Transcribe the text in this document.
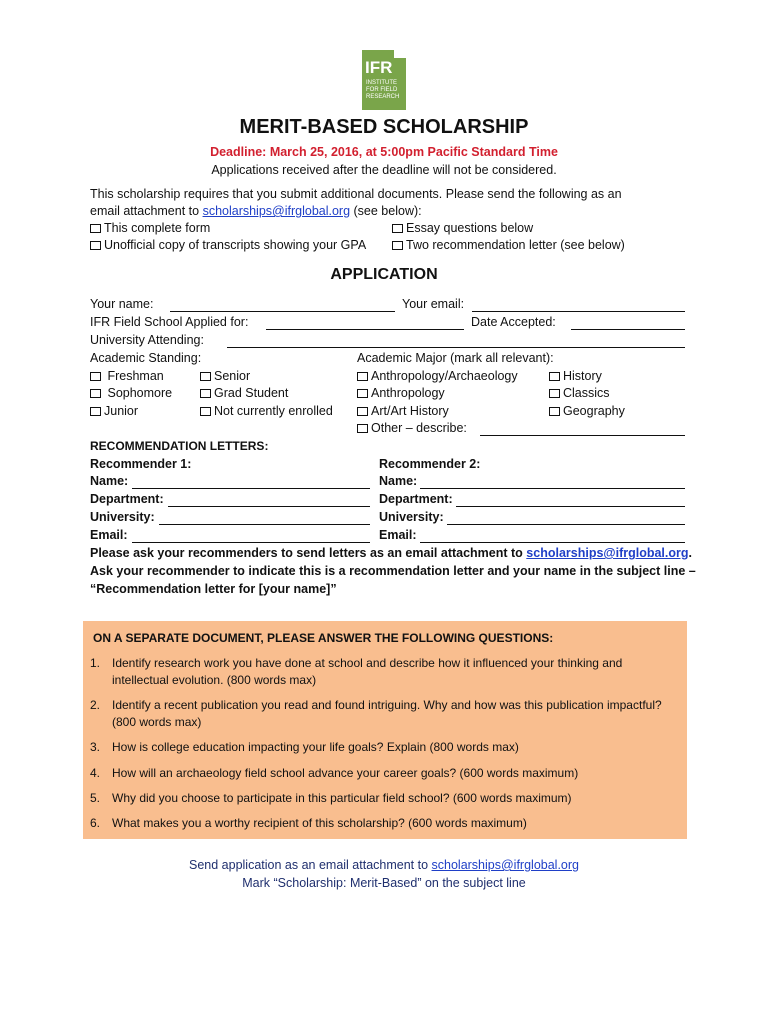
IFR
INSTITUTE FOR FIELD RESEARCH
MERIT-BASED SCHOLARSHIP
Deadline: March 25, 2016, at 5:00pm Pacific Standard Time
Applications received after the deadline will not be considered.
This scholarship requires that you submit additional documents. Please send the following as an
email attachment to scholarships@ifrglobal.org (see below):
This complete form	Essay questions below
Unofficial copy of transcripts showing your GPA	Two recommendation letter (see below)
APPLICATION
Your name:	Your email:
IFR Field School Applied for:	Date Accepted:
University Attending:
Academic Standing:	Academic Major (mark all relevant):
Freshman	Senior
Sophomore	Grad Student
Junior	Not currently enrolled
Anthropology/Archaeology	History
Anthropology	Classics
Art/Art History	Geography
Other – describe:
RECOMMENDATION LETTERS:
Recommender 1:	Recommender 2:
Name:	Name:
Department:	Department:
University:	University:
Email:	Email:
Please ask your recommenders to send letters as an email attachment to scholarships@ifrglobal.org.
Ask your recommender to indicate this is a recommendation letter and your name in the subject line –
“Recommendation letter for [your name]”
ON A SEPARATE DOCUMENT, PLEASE ANSWER THE FOLLOWING QUESTIONS:
1. Identify research work you have done at school and describe how it influenced your thinking and intellectual evolution. (800 words max)
2. Identify a recent publication you read and found intriguing. Why and how was this publication impactful? (800 words max)
3. How is college education impacting your life goals? Explain (800 words max)
4. How will an archaeology field school advance your career goals? (600 words maximum)
5. Why did you choose to participate in this particular field school? (600 words maximum)
6. What makes you a worthy recipient of this scholarship? (600 words maximum)
Send application as an email attachment to scholarships@ifrglobal.org
Mark “Scholarship: Merit-Based” on the subject line
